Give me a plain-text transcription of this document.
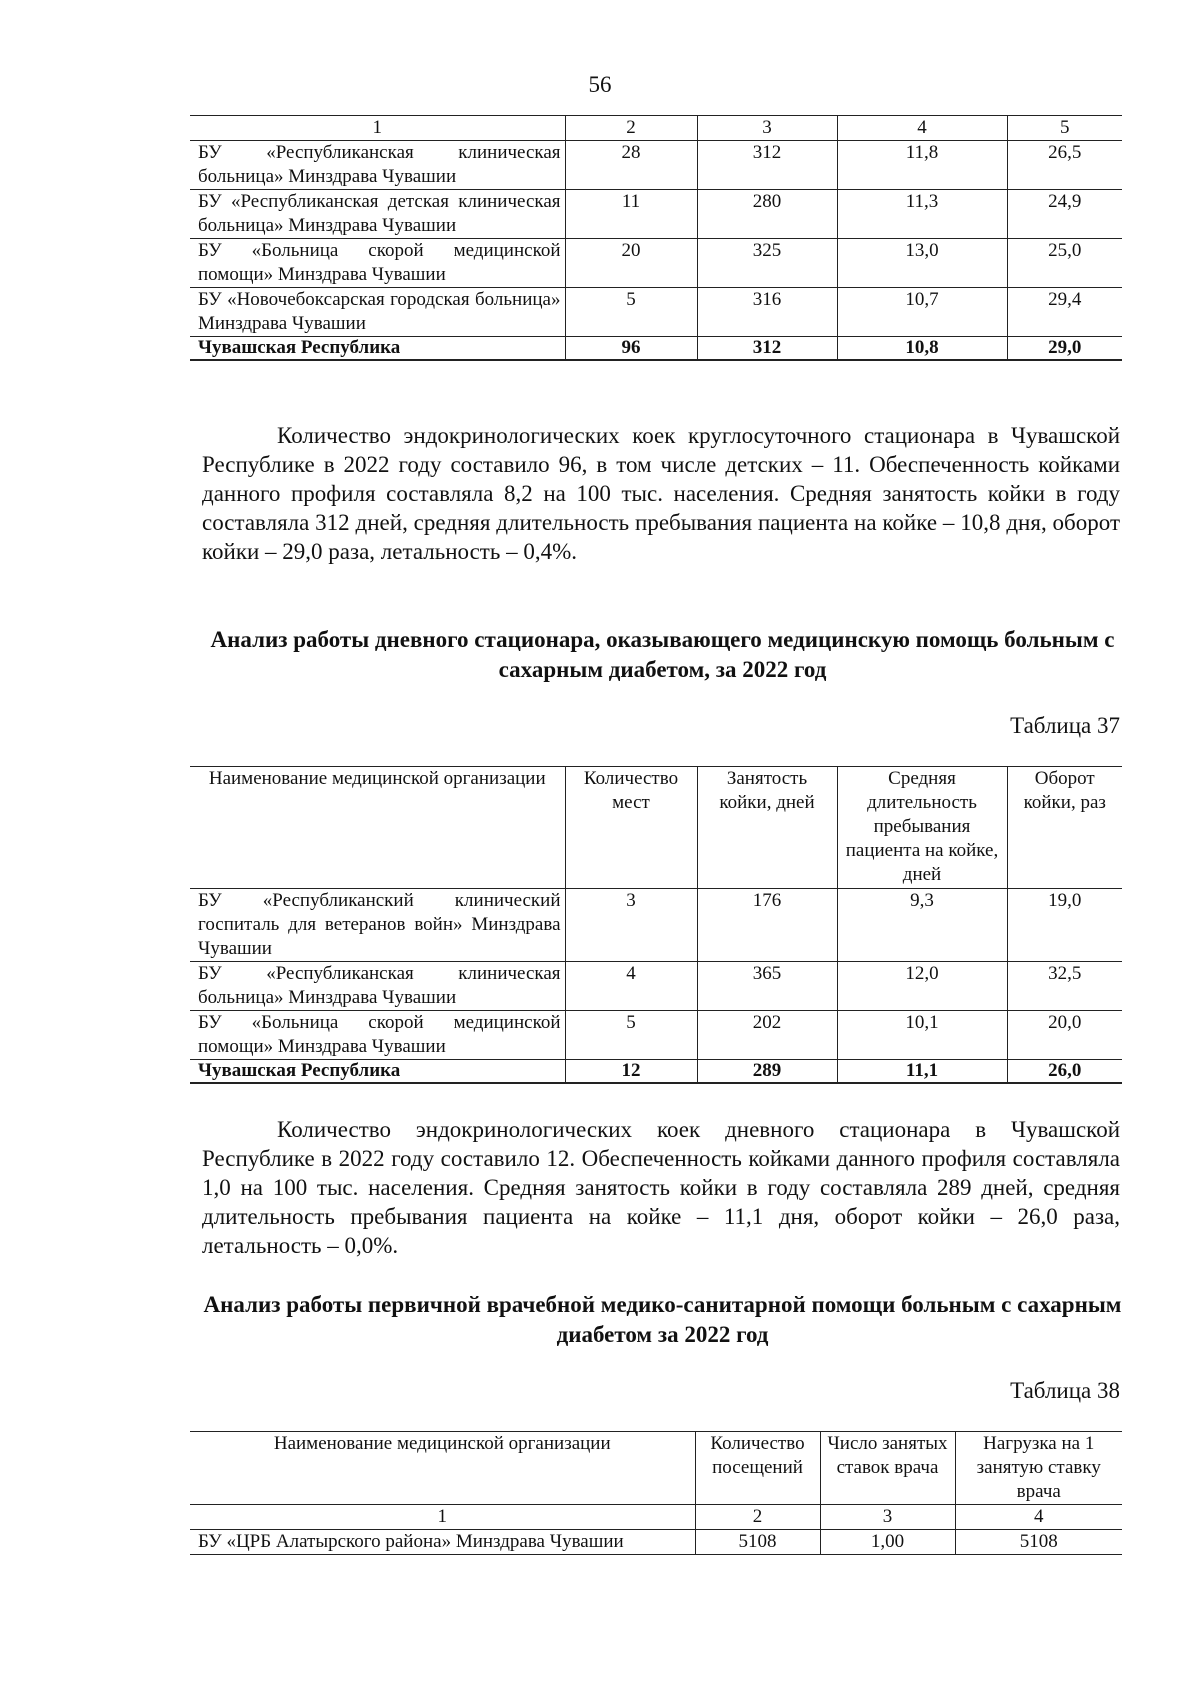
56
1	2	3	4	5
БУ «Республиканская клиническая больница» Минздрава Чувашии	28	312	11,8	26,5
БУ «Республиканская детская клиническая больница» Минздрава Чувашии	11	280	11,3	24,9
БУ «Больница скорой медицинской помощи» Минздрава Чувашии	20	325	13,0	25,0
БУ «Новочебоксарская городская больница» Минздрава Чувашии	5	316	10,7	29,4
Чувашская Республика	96	312	10,8	29,0

Количество эндокринологических коек круглосуточного стационара в Чувашской Республике в 2022 году составило 96, в том числе детских – 11. Обеспеченность койками данного профиля составляла 8,2 на 100 тыс. населения. Средняя занятость койки в году составляла 312 дней, средняя длительность пребывания пациента на койке – 10,8 дня, оборот койки – 29,0 раза, летальность – 0,4%.

Анализ работы дневного стационара, оказывающего медицинскую помощь больным с сахарным диабетом, за 2022 год
Таблица 37
Наименование медицинской организации	Количество мест	Занятость койки, дней	Средняя длительность пребывания пациента на койке, дней	Оборот койки, раз
БУ «Республиканский клинический госпиталь для ветеранов войн» Минздрава Чувашии	3	176	9,3	19,0
БУ «Республиканская клиническая больница» Минздрава Чувашии	4	365	12,0	32,5
БУ «Больница скорой медицинской помощи» Минздрава Чувашии	5	202	10,1	20,0
Чувашская Республика	12	289	11,1	26,0

Количество эндокринологических коек дневного стационара в Чувашской Республике в 2022 году составило 12. Обеспеченность койками данного профиля составляла 1,0 на 100 тыс. населения. Средняя занятость койки в году составляла 289 дней, средняя длительность пребывания пациента на койке – 11,1 дня, оборот койки – 26,0 раза, летальность – 0,0%.

Анализ работы первичной врачебной медико-санитарной помощи больным с сахарным диабетом за 2022 год
Таблица 38
Наименование медицинской организации	Количество посещений	Число занятых ставок врача	Нагрузка на 1 занятую ставку врача
1	2	3	4
БУ «ЦРБ Алатырского района» Минздрава Чувашии	5108	1,00	5108
